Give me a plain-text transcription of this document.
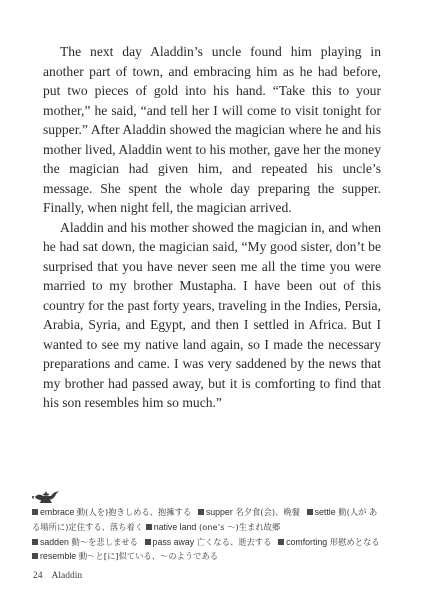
The next day Aladdin’s uncle found him playing in another part of town, and embracing him as he had before, put two pieces of gold into his hand. “Take this to your mother,” he said, “and tell her I will come to visit tonight for supper.” After Aladdin showed the magician where he and his mother lived, Aladdin went to his mother, gave her the money the magician had given him, and repeated his uncle’s message. She spent the whole day preparing the supper. Finally, when night fell, the magician arrived.

Aladdin and his mother showed the magician in, and when he had sat down, the magician said, “My good sister, don’t be surprised that you have never seen me all the time you were married to my brother Mustapha. I have been out of this country for the past forty years, traveling in the Indies, Persia, Arabia, Syria, and Egypt, and then I settled in Africa. But I wanted to see my native land again, so I made the necessary preparations and came. I was very saddened by the news that my brother had passed away, but it is comforting to find that his son resembles him so much.”

embrace 動(人を)抱きしめる、抱擁する supper 名夕食(会)、晩餐 settle 動(人が ある場所に)定住する、落ち着く native land (one’s ～)生まれ故郷 sadden 動～を悲しませる pass away 亡くなる、逝去する comforting 形慰めとなる
resemble 動～と[に]似ている、～のようである
24 Aladdin
